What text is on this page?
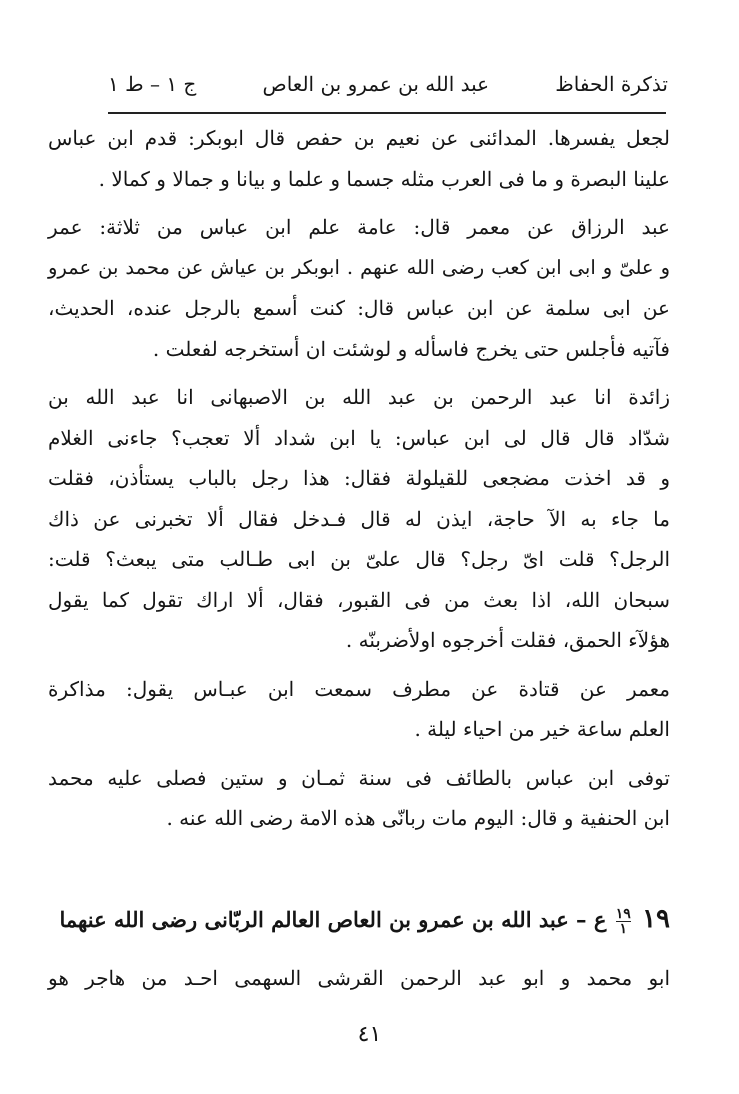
تذكرة الحفاظ
عبد الله بن عمرو بن العاص
ج ١ – ط ١
لجعل يفسرها. المدائنى عن نعيم بن حفص قال ابوبكر: قدم ابن عباس
علينا البصرة و ما فى العرب مثله جسما و علما و بيانا و جمالا و كمالا .
عبد الرزاق عن معمر قال: عامة علم ابن عباس من ثلاثة: عمر
و علىّ و ابى ابن كعب رضى الله عنهم . ابوبكر بن عياش عن محمد بن عمرو
عن ابى سلمة عن ابن عباس قال: كنت أسمع بالرجل عنده، الحديث،
فآتيه فأجلس حتى يخرج فاسأله و لوشئت ان أستخرجه لفعلت .
زائدة انا عبد الرحمن بن عبد الله بن الاصبهانى انا عبد الله بن
شدّاد قال قال لى ابن عباس: يا ابن شداد ألا تعجب؟ جاءنى الغلام
و قد اخذت مضجعى للقيلولة فقال: هذا رجل بالباب يستأذن، فقلت
ما جاء به الآ حاجة، ايذن له قال فـدخل فقال ألا تخبرنى عن ذاك
الرجل؟ قلت اىّ رجل؟ قال علىّ بن ابى طـالب متى يبعث؟ قلت:
سبحان الله، اذا بعث من فى القبور، فقال، ألا اراك تقول كما يقول
هؤلآء الحمق، فقلت أخرجوه اولأضربنّه .
معمر عن قتادة عن مطرف سمعت ابن عبـاس يقول: مذاكرة
العلم ساعة خير من احياء ليلة .
توفى ابن عباس بالطائف فى سنة ثمـان و ستين فصلى عليه محمد
ابن الحنفية و قال: اليوم مات ربانّى هذه الامة رضى الله عنه .
١٩
$\frac{١٩}{١}$
ع – عبد الله بن عمرو بن العاص العالم الربّانى رضى الله عنهما
ابو محمد و ابو عبد الرحمن القرشى السهمى احـد من هاجر هو
٤١
